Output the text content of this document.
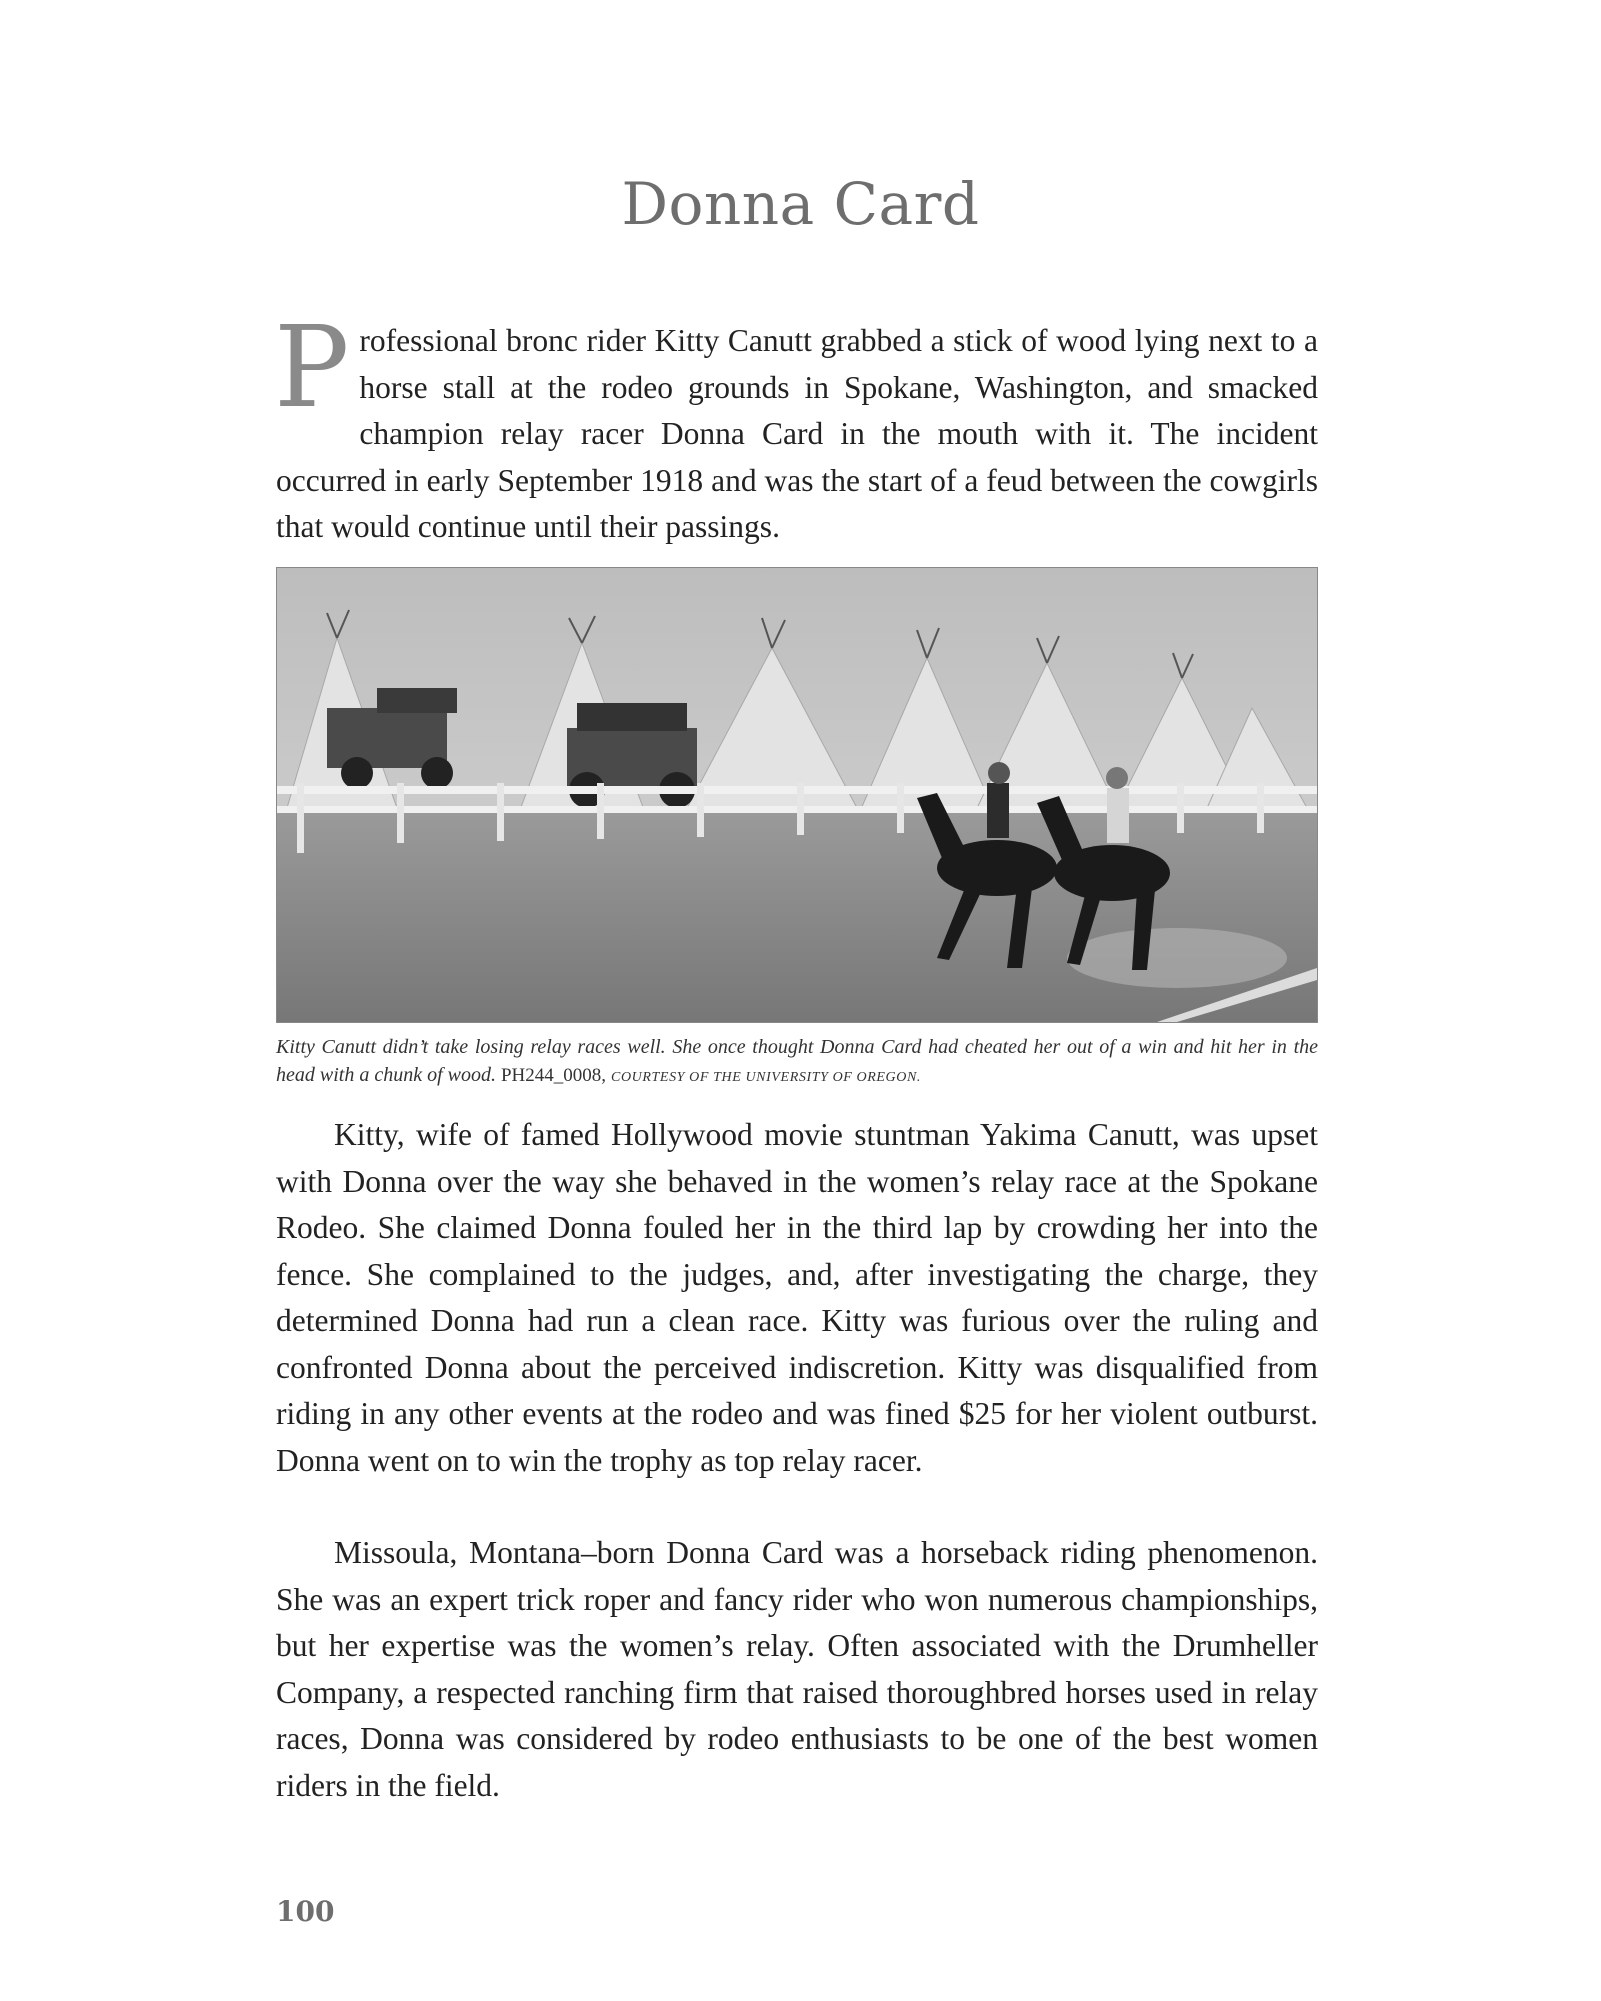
Donna Card

Professional bronc rider Kitty Canutt grabbed a stick of wood lying next to a horse stall at the rodeo grounds in Spokane, Washington, and smacked champion relay racer Donna Card in the mouth with it. The incident occurred in early September 1918 and was the start of a feud between the cowgirls that would continue until their passings.

Kitty Canutt didn’t take losing relay races well. She once thought Donna Card had cheated her out of a win and hit her in the head with a chunk of wood. PH244_0008, COURTESY OF THE UNIVERSITY OF OREGON.

Kitty, wife of famed Hollywood movie stuntman Yakima Canutt, was upset with Donna over the way she behaved in the women’s relay race at the Spokane Rodeo. She claimed Donna fouled her in the third lap by crowding her into the fence. She complained to the judges, and, after investigating the charge, they determined Donna had run a clean race. Kitty was furious over the ruling and confronted Donna about the perceived indiscretion. Kitty was disqualified from riding in any other events at the rodeo and was fined $25 for her violent outburst. Donna went on to win the trophy as top relay racer.

Missoula, Montana–born Donna Card was a horseback riding phenomenon. She was an expert trick roper and fancy rider who won numerous championships, but her expertise was the women’s relay. Often associated with the Drumheller Company, a respected ranching firm that raised thoroughbred horses used in relay races, Donna was considered by rodeo enthusiasts to be one of the best women riders in the field.

100
